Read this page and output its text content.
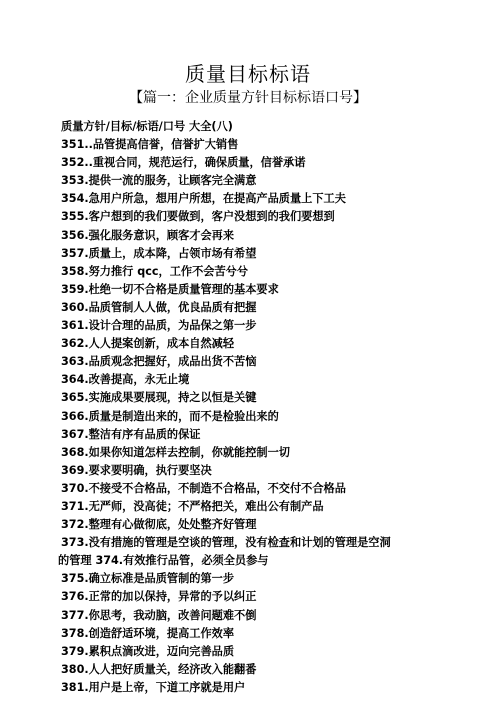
质量目标标语
【篇一：企业质量方针目标标语口号】
质量方针/目标/标语/口号 大全(八)
351..品管提高信誉，信誉扩大销售
352..重视合同，规范运行，确保质量，信誉承诺
353.提供一流的服务，让顾客完全满意
354.急用户所急，想用户所想，在提高产品质量上下工夫
355.客户想到的我们要做到，客户没想到的我们要想到
356.强化服务意识，顾客才会再来
357.质量上，成本降，占领市场有希望
358.努力推行 qcc，工作不会苦兮兮
359.杜绝一切不合格是质量管理的基本要求
360.品质管制人人做，优良品质有把握
361.设计合理的品质，为品保之第一步
362.人人提案创新，成本自然减轻
363.品质观念把握好，成品出货不苦恼
364.改善提高，永无止境
365.实施成果要展现，持之以恒是关键
366.质量是制造出来的，而不是检验出来的
367.整洁有序有品质的保证
368.如果你知道怎样去控制，你就能控制一切
369.要求要明确，执行要坚决
370.不接受不合格品，不制造不合格品，不交付不合格品
371.无严师，没高徒；不严格把关，难出公有制产品
372.整理有心做彻底，处处整齐好管理
373.没有措施的管理是空谈的管理，没有检查和计划的管理是空洞
的管理 374.有效推行品管，必须全员参与
375.确立标准是品质管制的第一步
376.正常的加以保持，异常的予以纠正
377.你思考，我动脑，改善问题难不倒
378.创造舒适环境，提高工作效率
379.累积点滴改进，迈向完善品质
380.人人把好质量关，经济改入能翻番
381.用户是上帝，下道工序就是用户
